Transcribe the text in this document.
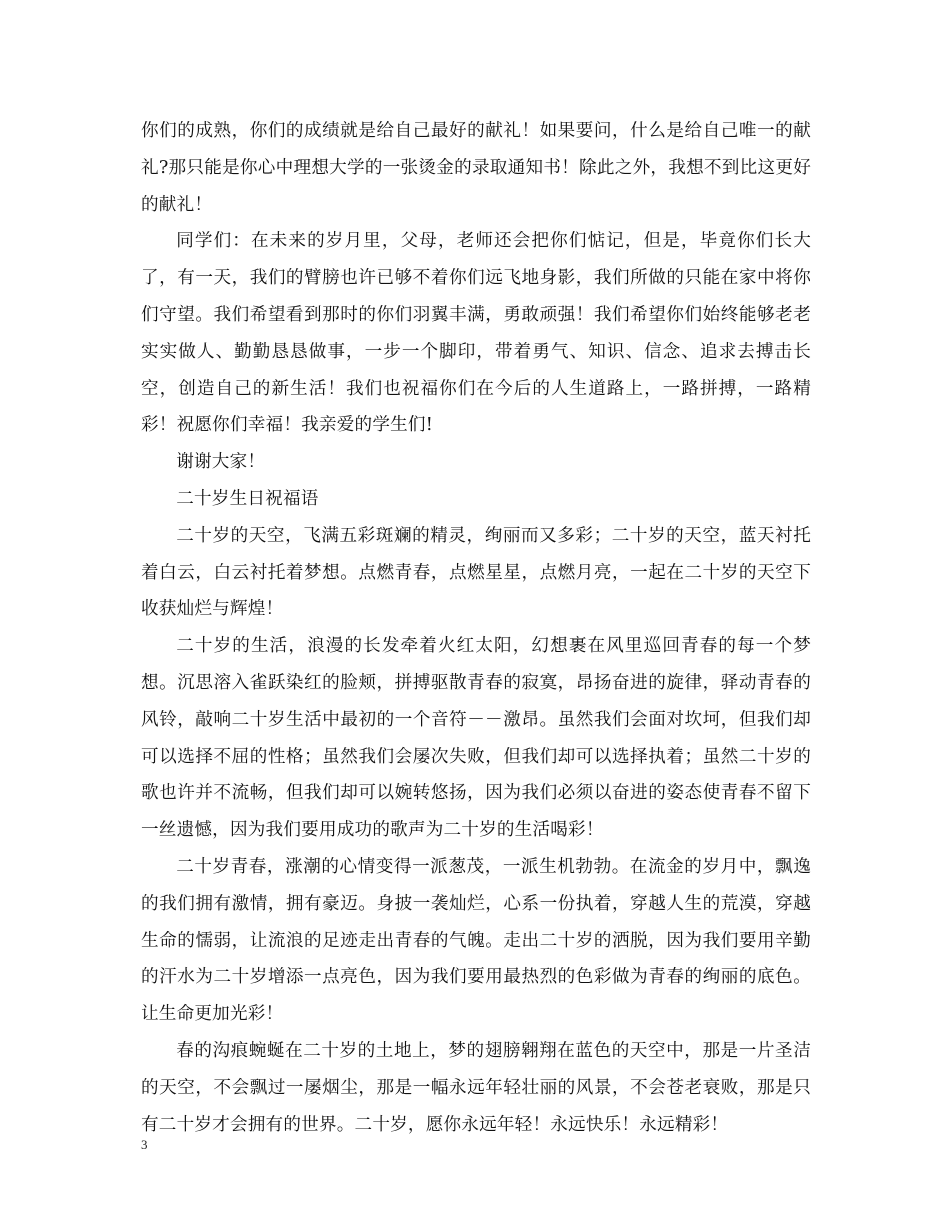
你们的成熟，你们的成绩就是给自己最好的献礼！如果要问，什么是给自己唯一的献礼?那只能是你心中理想大学的一张烫金的录取通知书！除此之外，我想不到比这更好的献礼！

同学们：在未来的岁月里，父母，老师还会把你们惦记，但是，毕竟你们长大了，有一天，我们的臂膀也许已够不着你们远飞地身影，我们所做的只能在家中将你们守望。我们希望看到那时的你们羽翼丰满，勇敢顽强！我们希望你们始终能够老老实实做人、勤勤恳恳做事，一步一个脚印，带着勇气、知识、信念、追求去搏击长空，创造自己的新生活！我们也祝福你们在今后的人生道路上，一路拼搏，一路精彩！祝愿你们幸福！我亲爱的学生们!

谢谢大家！

二十岁生日祝福语

二十岁的天空，飞满五彩斑斓的精灵，绚丽而又多彩；二十岁的天空，蓝天衬托着白云，白云衬托着梦想。点燃青春，点燃星星，点燃月亮，一起在二十岁的天空下收获灿烂与辉煌！

二十岁的生活，浪漫的长发牵着火红太阳，幻想裹在风里巡回青春的每一个梦想。沉思溶入雀跃染红的脸颊，拼搏驱散青春的寂寞，昂扬奋进的旋律，驿动青春的风铃，敲响二十岁生活中最初的一个音符－－激昂。虽然我们会面对坎坷，但我们却可以选择不屈的性格；虽然我们会屡次失败，但我们却可以选择执着；虽然二十岁的歌也许并不流畅，但我们却可以婉转悠扬，因为我们必须以奋进的姿态使青春不留下一丝遗憾，因为我们要用成功的歌声为二十岁的生活喝彩！

二十岁青春，涨潮的心情变得一派葱茂，一派生机勃勃。在流金的岁月中，飘逸的我们拥有激情，拥有豪迈。身披一袭灿烂，心系一份执着，穿越人生的荒漠，穿越生命的懦弱，让流浪的足迹走出青春的气魄。走出二十岁的洒脱，因为我们要用辛勤的汗水为二十岁增添一点亮色，因为我们要用最热烈的色彩做为青春的绚丽的底色。让生命更加光彩！

春的沟痕蜿蜒在二十岁的土地上，梦的翅膀翱翔在蓝色的天空中，那是一片圣洁的天空，不会飘过一屡烟尘，那是一幅永远年轻壮丽的风景，不会苍老衰败，那是只有二十岁才会拥有的世界。二十岁，愿你永远年轻！永远快乐！永远精彩！

3
